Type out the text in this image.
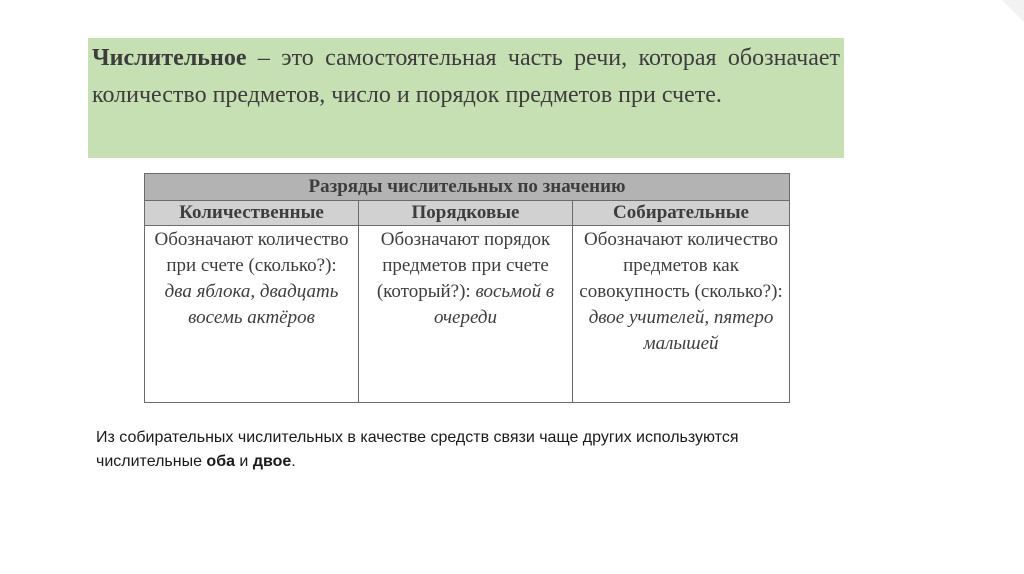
Числительное – это самостоятельная часть речи, которая обозначает количество предметов, число и порядок предметов при счете.
Разряды числительных по значению		
Количественные	Порядковые	Собирательные
Обозначают количество при счете (сколько?): два яблока, двадцать восемь актёров	Обозначают порядок предметов при счете (который?): восьмой в очереди	Обозначают количество предметов как совокупность (сколько?): двое учителей, пятеро малышей
Из собирательных числительных в качестве средств связи чаще других используются числительные оба и двое.
